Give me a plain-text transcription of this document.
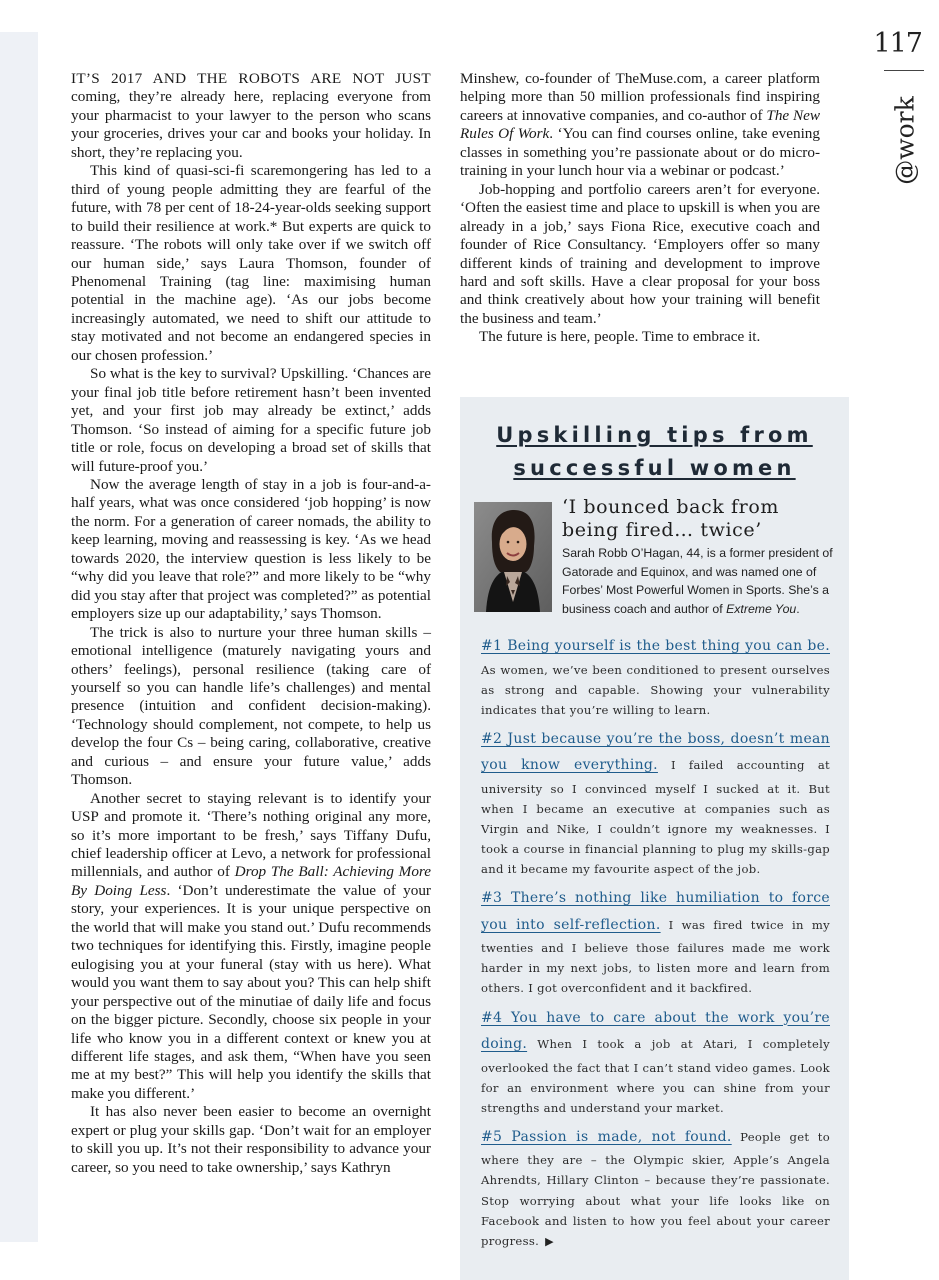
117
@work

IT’S 2017 AND THE ROBOTS ARE NOT JUST coming, they’re already here, replacing everyone from your pharmacist to your lawyer to the person who scans your groceries, drives your car and books your holiday. In short, they’re replacing you.

This kind of quasi-sci-fi scaremongering has led to a third of young people admitting they are fearful of the future, with 78 per cent of 18-24-year-olds seeking support to build their resilience at work.* But experts are quick to reassure. ‘The robots will only take over if we switch off our human side,’ says Laura Thomson, founder of Phenomenal Training (tag line: maximising human potential in the machine age). ‘As our jobs become increasingly automated, we need to shift our attitude to stay motivated and not become an endangered species in our chosen profession.’

So what is the key to survival? Upskilling. ‘Chances are your final job title before retirement hasn’t been invented yet, and your first job may already be extinct,’ adds Thomson. ‘So instead of aiming for a specific future job title or role, focus on developing a broad set of skills that will future-proof you.’

Now the average length of stay in a job is four-and-a-half years, what was once considered ‘job hopping’ is now the norm. For a generation of career nomads, the ability to keep learning, moving and reassessing is key. ‘As we head towards 2020, the interview question is less likely to be “why did you leave that role?” and more likely to be “why did you stay after that project was completed?” as potential employers size up our adaptability,’ says Thomson.

The trick is also to nurture your three human skills – emotional intelligence (maturely navigating yours and others’ feelings), personal resilience (taking care of yourself so you can handle life’s challenges) and mental presence (intuition and confident decision-making). ‘Technology should complement, not compete, to help us develop the four Cs – being caring, collaborative, creative and curious – and ensure your future value,’ adds Thomson.

Another secret to staying relevant is to identify your USP and promote it. ‘There’s nothing original any more, so it’s more important to be fresh,’ says Tiffany Dufu, chief leadership officer at Levo, a network for professional millennials, and author of Drop The Ball: Achieving More By Doing Less. ‘Don’t underestimate the value of your story, your experiences. It is your unique perspective on the world that will make you stand out.’ Dufu recommends two techniques for identifying this. Firstly, imagine people eulogising you at your funeral (stay with us here). What would you want them to say about you? This can help shift your perspective out of the minutiae of daily life and focus on the bigger picture. Secondly, choose six people in your life who know you in a different context or knew you at different life stages, and ask them, “When have you seen me at my best?” This will help you identify the skills that make you different.’

It has also never been easier to become an overnight expert or plug your skills gap. ‘Don’t wait for an employer to skill you up. It’s not their responsibility to advance your career, so you need to take ownership,’ says Kathryn

Minshew, co-founder of TheMuse.com, a career platform helping more than 50 million professionals find inspiring careers at innovative companies, and co-author of The New Rules Of Work. ‘You can find courses online, take evening classes in something you’re passionate about or do micro-training in your lunch hour via a webinar or podcast.’

Job-hopping and portfolio careers aren’t for everyone. ‘Often the easiest time and place to upskill is when you are already in a job,’ says Fiona Rice, executive coach and founder of Rice Consultancy. ‘Employers offer so many different kinds of training and development to improve hard and soft skills. Have a clear proposal for your boss and think creatively about how your training will benefit the business and team.’

The future is here, people. Time to embrace it.

Upskilling tips from
successful women
‘I bounced back from being fired… twice’
Sarah Robb O’Hagan, 44, is a former president of Gatorade and Equinox, and was named one of Forbes’ Most Powerful Women in Sports. She’s a business coach and author of Extreme You.

#1 Being yourself is the best thing you can be. As women, we’ve been conditioned to present ourselves as strong and capable. Showing your vulnerability indicates that you’re willing to learn.

#2 Just because you’re the boss, doesn’t mean you know everything. I failed accounting at university so I convinced myself I sucked at it. But when I became an executive at companies such as Virgin and Nike, I couldn’t ignore my weaknesses. I took a course in financial planning to plug my skills-gap and it became my favourite aspect of the job.

#3 There’s nothing like humiliation to force you into self-reflection. I was fired twice in my twenties and I believe those failures made me work harder in my next jobs, to listen more and learn from others. I got overconfident and it backfired.

#4 You have to care about the work you’re doing. When I took a job at Atari, I completely overlooked the fact that I can’t stand video games. Look for an environment where you can shine from your strengths and understand your market.

#5 Passion is made, not found. People get to where they are – the Olympic skier, Apple’s Angela Ahrendts, Hillary Clinton – because they’re passionate. Stop worrying about what your life looks like on Facebook and listen to how you feel about your career progress. ▶
